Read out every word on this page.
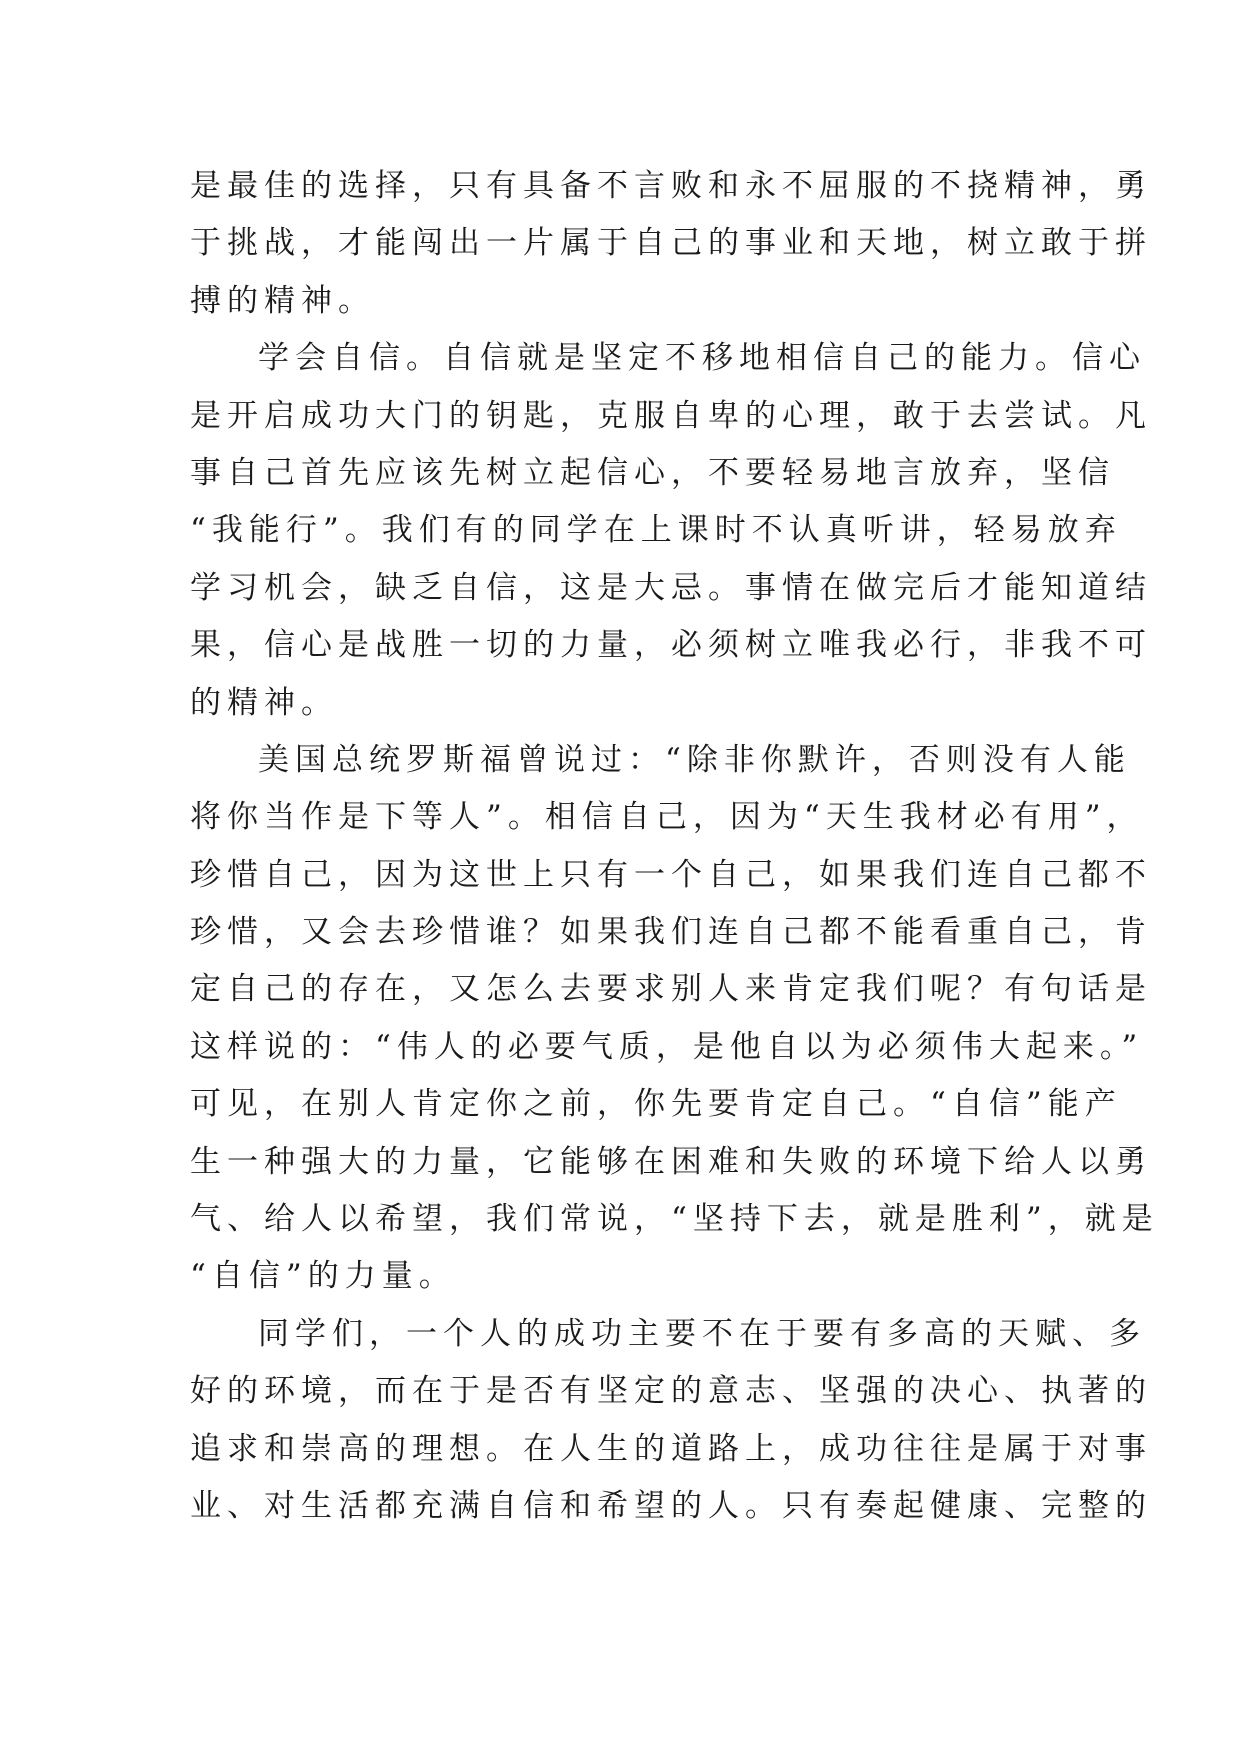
是最佳的选择，只有具备不言败和永不屈服的不挠精神，勇
于挑战，才能闯出一片属于自己的事业和天地，树立敢于拼
搏的精神。
学会自信。自信就是坚定不移地相信自己的能力。信心
是开启成功大门的钥匙，克服自卑的心理，敢于去尝试。凡
事自己首先应该先树立起信心，不要轻易地言放弃，坚信
“我能行”。我们有的同学在上课时不认真听讲，轻易放弃
学习机会，缺乏自信，这是大忌。事情在做完后才能知道结
果，信心是战胜一切的力量，必须树立唯我必行，非我不可
的精神。
美国总统罗斯福曾说过：“除非你默许，否则没有人能
将你当作是下等人”。相信自己，因为“天生我材必有用”，
珍惜自己，因为这世上只有一个自己，如果我们连自己都不
珍惜，又会去珍惜谁？如果我们连自己都不能看重自己，肯
定自己的存在，又怎么去要求别人来肯定我们呢？有句话是
这样说的：“伟人的必要气质，是他自以为必须伟大起来。”
可见，在别人肯定你之前，你先要肯定自己。“自信”能产
生一种强大的力量，它能够在困难和失败的环境下给人以勇
气、给人以希望，我们常说，“坚持下去，就是胜利”，就是
“自信”的力量。
同学们，一个人的成功主要不在于要有多高的天赋、多
好的环境，而在于是否有坚定的意志、坚强的决心、执著的
追求和崇高的理想。在人生的道路上，成功往往是属于对事
业、对生活都充满自信和希望的人。只有奏起健康、完整的
